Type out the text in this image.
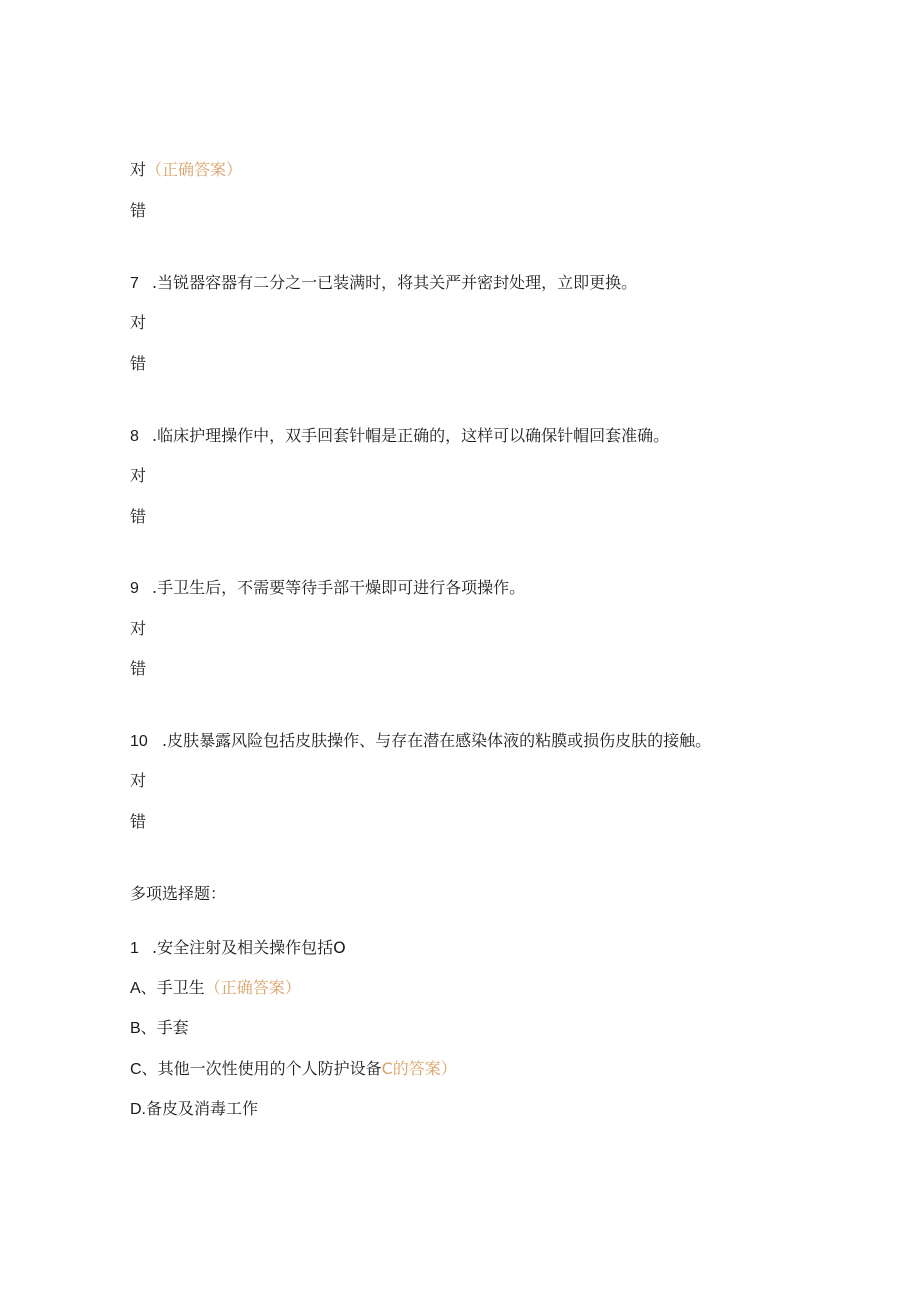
对（正确答案）
错
7 .当锐器容器有二分之一已装满时，将其关严并密封处理，立即更换。
对
错
8 .临床护理操作中，双手回套针帽是正确的，这样可以确保针帽回套准确。
对
错
9 .手卫生后，不需要等待手部干燥即可进行各项操作。
对
错
10 .皮肤暴露风险包括皮肤操作、与存在潜在感染体液的粘膜或损伤皮肤的接触。
对
错
多项选择题：
1 .安全注射及相关操作包括O
A、手卫生（正确答案）
B、手套
C、其他一次性使用的个人防护设备C的答案）
D.备皮及消毒工作
